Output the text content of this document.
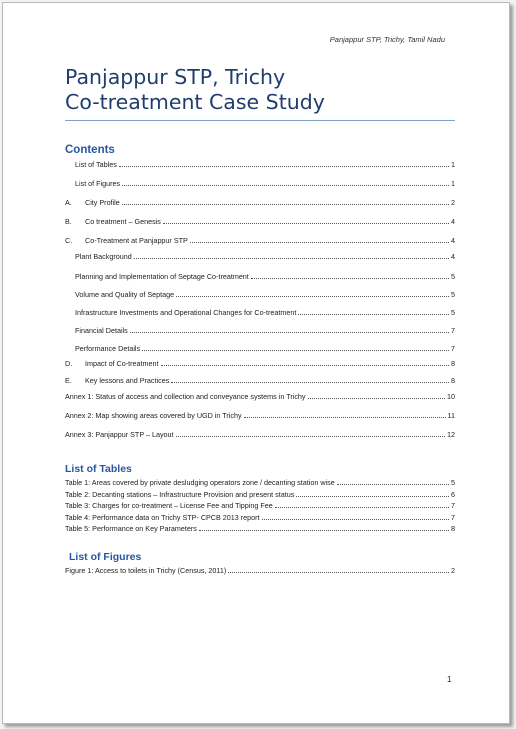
Panjappur STP, Trichy, Tamil Nadu
Panjappur STP, Trichy
Co-treatment Case Study
Contents
List of Tables	1
List of Figures	1
A. City Profile	2
B. Co treatment – Genesis	4
C. Co-Treatment at Panjappur STP	4
Plant Background	4
Planning and Implementation of Septage Co-treatment	5
Volume and Quality of Septage	5
Infrastructure Investments and Operational Changes for Co-treatment	5
Financial Details	7
Performance Details	7
D. Impact of Co-treatment	8
E. Key lessons and Practices	8
Annex 1: Status of access and collection and conveyance systems in Trichy	10
Annex 2: Map showing areas covered by UGD in Trichy	11
Annex 3: Panjappur STP – Layout	12
List of Tables
Table 1: Areas covered by private desludging operators zone / decanting station wise	5
Table 2: Decanting stations – Infrastructure Provision and present status	6
Table 3: Charges for co-treatment – License Fee and Tipping Fee	7
Table 4: Performance data on Trichy STP- CPCB 2013 report	7
Table 5: Performance on Key Parameters	8
List of Figures
Figure 1: Access to toilets in Trichy (Census, 2011)	2
1
